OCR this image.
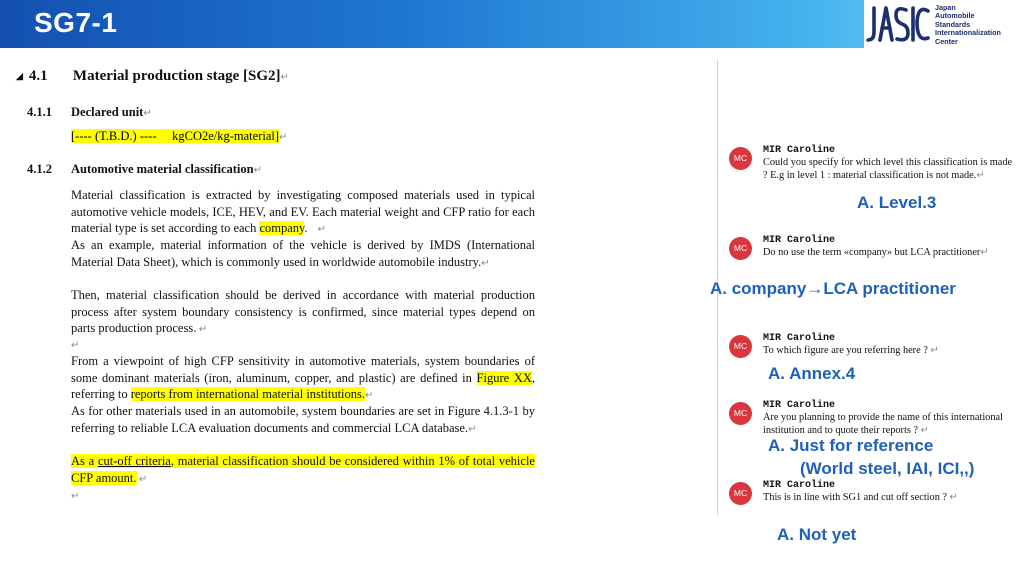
SG7-1	Japan
Automobile
Standards
Internationalization
Center
◢ 4.1 Material production stage [SG2]↵
4.1.1 Declared unit↵
[---- (T.B.D.) ----     kgCO2e/kg-material]↵
4.1.2 Automotive material classification↵
Material classification is extracted by investigating composed materials used in typical automotive vehicle models, ICE, HEV, and EV. Each material weight and CFP ratio for each material type is set according to each company.    ↵
As an example, material information of the vehicle is derived by IMDS (International Material Data Sheet), which is commonly used in worldwide automobile industry.↵
Then, material classification should be derived in accordance with material production process after system boundary consistency is confirmed, since material types depend on parts production process. ↵
↵
From a viewpoint of high CFP sensitivity in automotive materials, system boundaries of some dominant materials (iron, aluminum, copper, and plastic) are defined in Figure XX, referring to reports from international material institutions.↵
As for other materials used in an automobile, system boundaries are set in Figure 4.1.3-1 by referring to reliable LCA evaluation documents and commercial LCA database.↵
As a cut-off criteria, material classification should be considered within 1% of total vehicle CFP amount. ↵
↵
MC
MIR Caroline
Could you specify for which level this classification is made ? E.g in level 1 : material classification is not made.↵
MC
MIR Caroline
Do no use the term «company» but LCA practitioner↵
MC
MIR Caroline
To which figure are you referring here ? ↵
MC
MIR Caroline
Are you planning to provide the name of this international institution and to quote their reports ? ↵
MC
MIR Caroline
This is in line with SG1 and cut off section ? ↵
A. Level.3
A. company→LCA practitioner
A. Annex.4
A. Just for reference
(World steel, IAI, ICI,,)
A. Not yet
